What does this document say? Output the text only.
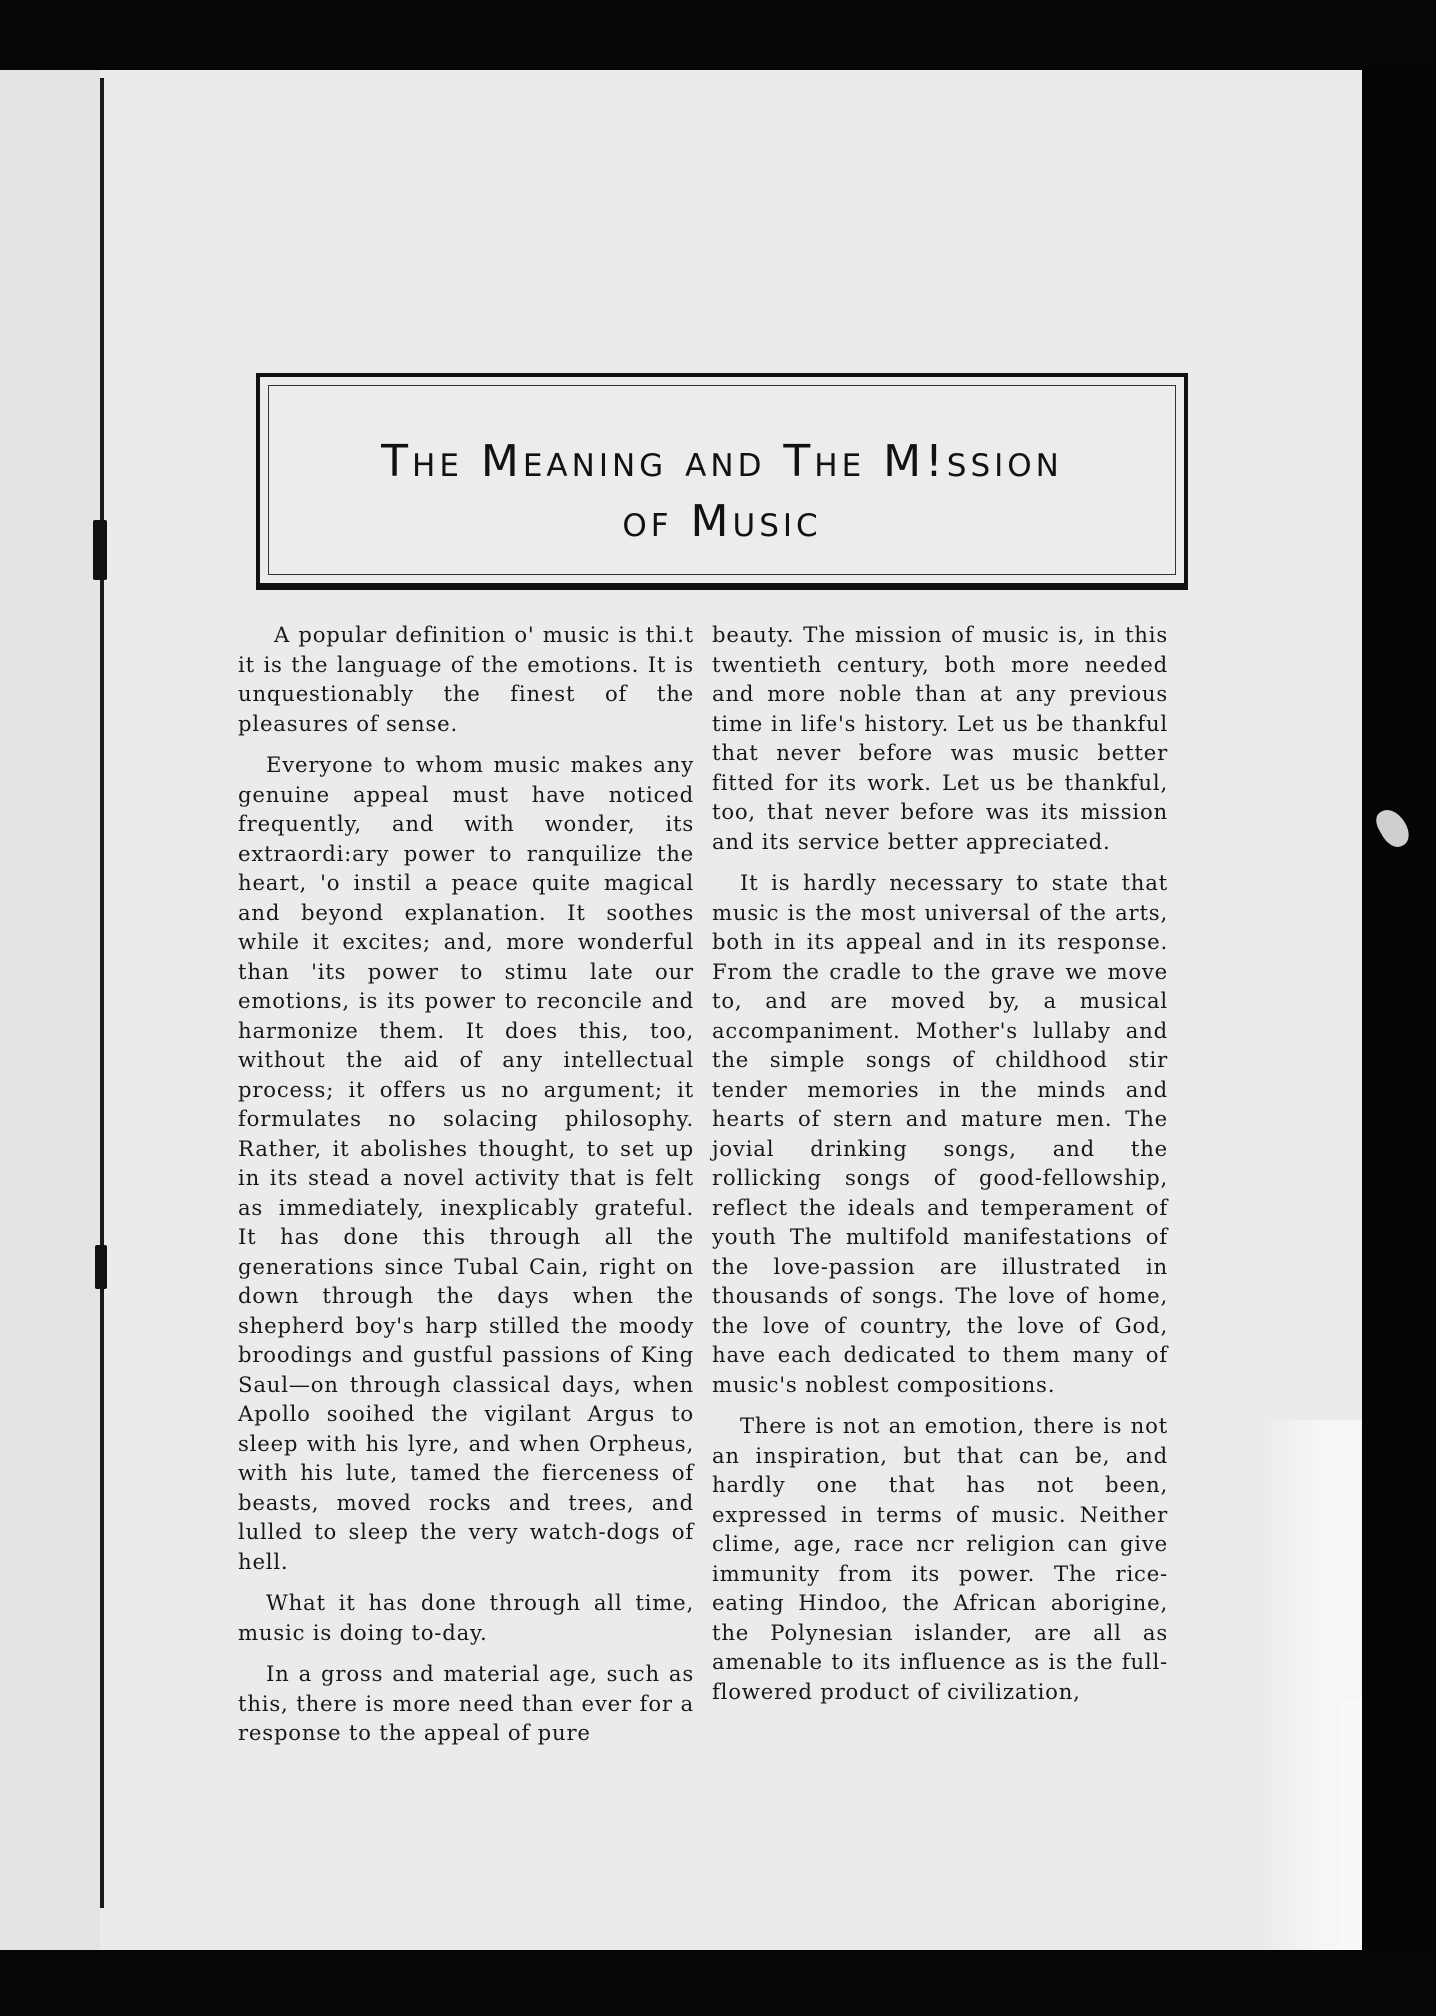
The Meaning and The M!ssion
of Music

A popular definition o' music is thi.t it is the language of the emotions. It is unquestionably the finest of the pleasures of sense.

Everyone to whom music makes any genuine appeal must have noticed frequently, and with wonder, its extraordi:ary power to ranquilize the heart, 'o instil a peace quite magical and beyond explanation. It soothes while it excites; and, more wonderful than 'its power to stimu late our emotions, is its power to reconcile and harmonize them. It does this, too, without the aid of any intellectual process; it offers us no argument; it formulates no solacing philosophy. Rather, it abolishes thought, to set up in its stead a novel activity that is felt as immediately, inexplicably grateful. It has done this through all the generations since Tubal Cain, right on down through the days when the shepherd boy's harp stilled the moody broodings and gustful passions of King Saul—on through classical days, when Apollo sooihed the vigilant Argus to sleep with his lyre, and when Orpheus, with his lute, tamed the fierceness of beasts, moved rocks and trees, and lulled to sleep the very watch-dogs of hell.

What it has done through all time, music is doing to-day.

In a gross and material age, such as this, there is more need than ever for a response to the appeal of pure

beauty. The mission of music is, in this twentieth century, both more needed and more noble than at any previous time in life's history. Let us be thankful that never before was music better fitted for its work. Let us be thankful, too, that never before was its mission and its service better appreciated.

It is hardly necessary to state that music is the most universal of the arts, both in its appeal and in its response. From the cradle to the grave we move to, and are moved by, a musical accompaniment. Mother's lullaby and the simple songs of childhood stir tender memories in the minds and hearts of stern and mature men. The jovial drinking songs, and the rollicking songs of good-fellowship, reflect the ideals and temperament of youth The multifold manifestations of the love-passion are illustrated in thousands of songs. The love of home, the love of country, the love of God, have each dedicated to them many of music's noblest compositions.

There is not an emotion, there is not an inspiration, but that can be, and hardly one that has not been, expressed in terms of music. Neither clime, age, race ncr religion can give immunity from its power. The rice-eating Hindoo, the African aborigine, the Polynesian islander, are all as amenable to its influence as is the full-flowered product of civilization,
